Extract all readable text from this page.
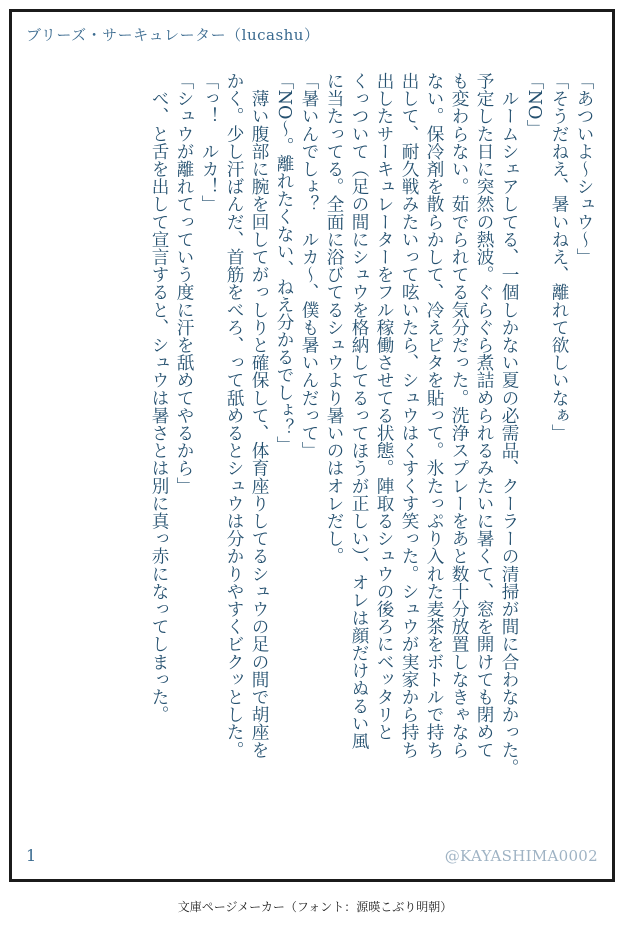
ブリーズ・サーキュレーター（lucashu）

「あついよ〜シュウ〜」

「そうだねえ、暑いねえ、離れて欲しいなぁ」

「NO」

　ルームシェアしてる、一個しかない夏の必需品、クーラーの清掃が間に合わなかった。

予定した日に突然の熱波。ぐらぐら煮詰められるみたいに暑くて、窓を開けても閉めて

も変わらない。茹でられてる気分だった。洗浄スプレーをあと数十分放置しなきゃなら

ない。保冷剤を散らかして、冷えピタを貼って。氷たっぷり入れた麦茶をボトルで持ち

出して、耐久戦みたいって呟いたら、シュウはくすくす笑った。シュウが実家から持ち

出したサーキュレーターをフル稼働させてる状態。陣取るシュウの後ろにベッタリと

くっついて（足の間にシュウを格納してるってほうが正しい）、オレは顔だけぬるい風

に当たってる。全面に浴びてるシュウより暑いのはオレだし。

「暑いんでしょ？　ルカ〜、僕も暑いんだって」

「NO〜。離れたくない、ねえ分かるでしょ？」

　薄い腹部に腕を回してがっしりと確保して、体育座りしてるシュウの足の間で胡座を

かく。少し汗ばんだ、首筋をべろ、って舐めるとシュウは分かりやすくビクッとした。

「っ！　ルカ！」

「シュウが離れてっていう度に汗を舐めてやるから」

　べ、と舌を出して宣言すると、シュウは暑さとは別に真っ赤になってしまった。

1	@KAYASHIMA0002
文庫ページメーカー（フォント：源暎こぶり明朝）
